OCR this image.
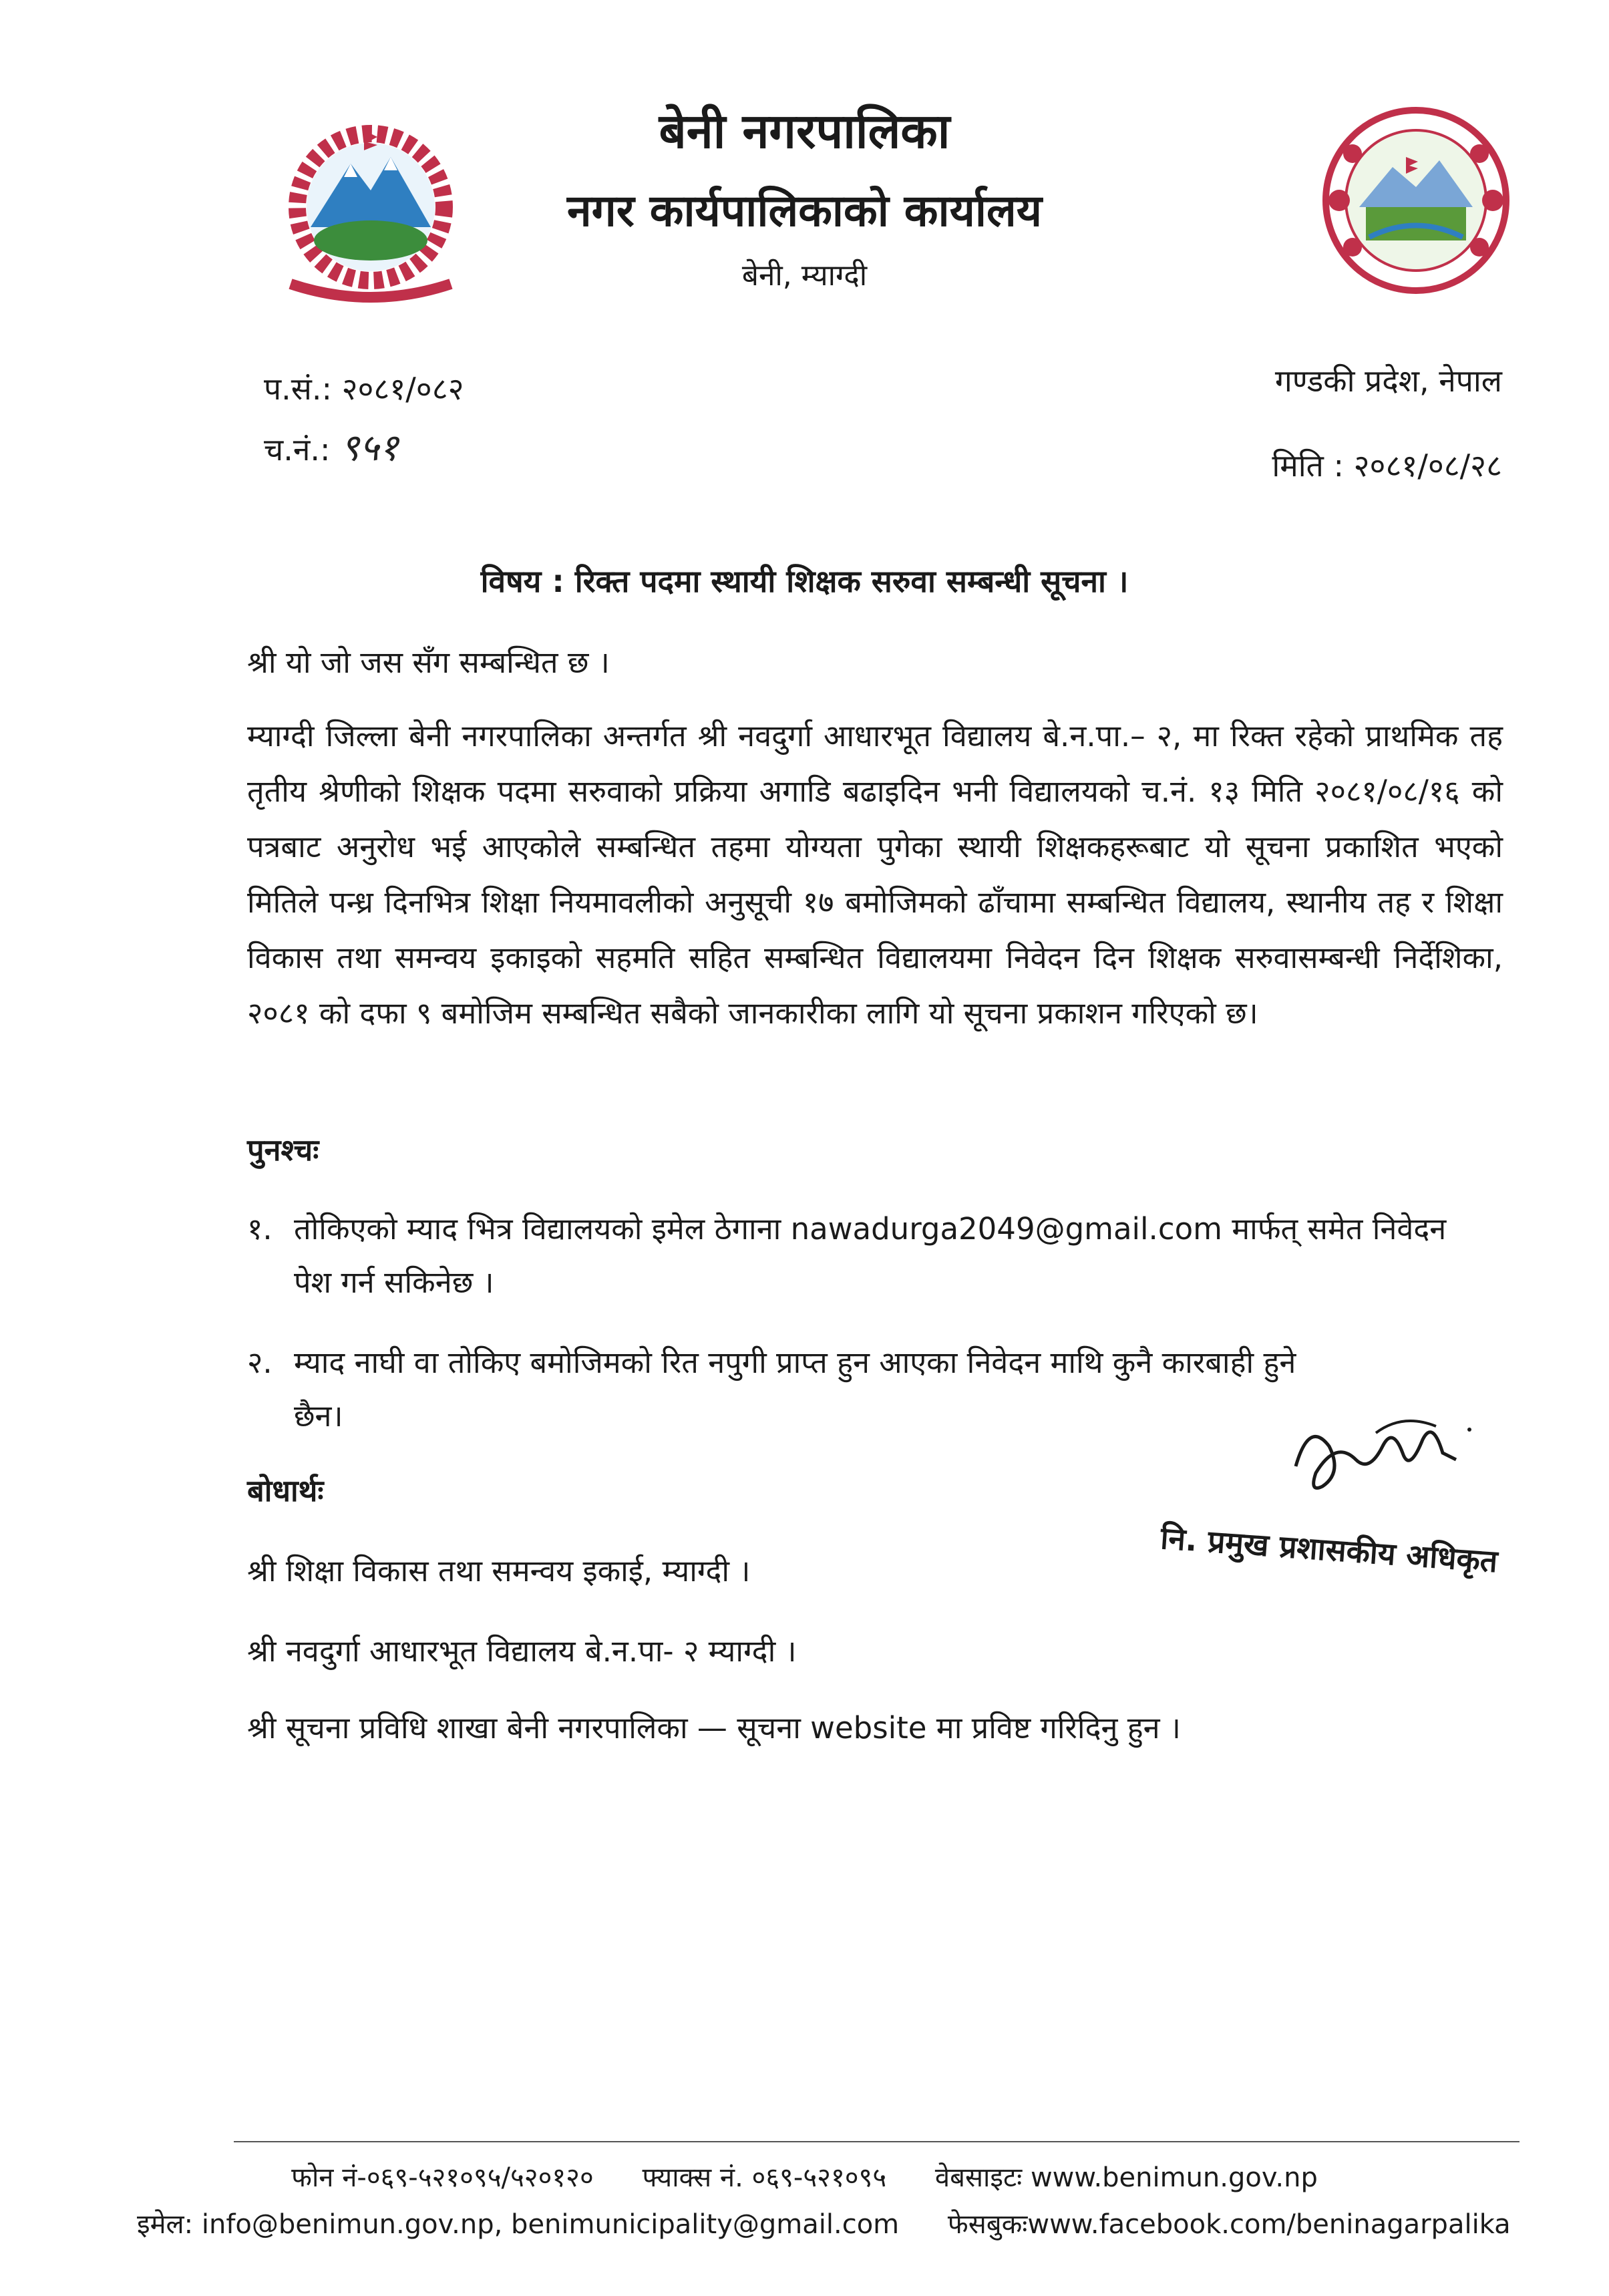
बेनी नगरपालिका
नगर कार्यपालिकाको कार्यालय
बेनी, म्याग्दी
प.सं.: २०८१/०८२
च.नं.: ९५१
गण्डकी प्रदेश, नेपाल
मिति : २०८१/०८/२८
विषय : रिक्त पदमा स्थायी शिक्षक सरुवा सम्बन्धी सूचना ।
श्री यो जो जस सँग सम्बन्धित छ ।
म्याग्दी जिल्ला बेनी नगरपालिका अन्तर्गत श्री नवदुर्गा आधारभूत विद्यालय बे.न.पा.– २, मा रिक्त रहेको प्राथमिक तह तृतीय श्रेणीको शिक्षक पदमा सरुवाको प्रक्रिया अगाडि बढाइदिन भनी विद्यालयको च.नं. १३ मिति २०८१/०८/१६ को पत्रबाट अनुरोध भई आएकोले सम्बन्धित तहमा योग्यता पुगेका स्थायी शिक्षकहरूबाट यो सूचना प्रकाशित भएको मितिले पन्ध्र दिनभित्र शिक्षा नियमावलीको अनुसूची १७ बमोजिमको ढाँचामा सम्बन्धित विद्यालय, स्थानीय तह र शिक्षा विकास तथा समन्वय इकाइको सहमति सहित सम्बन्धित विद्यालयमा निवेदन दिन शिक्षक सरुवासम्बन्धी निर्देशिका, २०८१ को दफा ९ बमोजिम सम्बन्धित सबैको जानकारीका लागि यो सूचना प्रकाशन गरिएको छ।
पुनश्चः
१. तोकिएको म्याद भित्र विद्यालयको इमेल ठेगाना nawadurga2049@gmail.com मार्फत् समेत निवेदन
पेश गर्न सकिनेछ ।
२. म्याद नाघी वा तोकिए बमोजिमको रित नपुगी प्राप्त हुन आएका निवेदन माथि कुनै कारबाही हुने
छैन।
नि. प्रमुख प्रशासकीय अधिकृत
बोधार्थः
श्री शिक्षा विकास तथा समन्वय इकाई, म्याग्दी ।
श्री नवदुर्गा आधारभूत विद्यालय बे.न.पा- २ म्याग्दी ।
श्री सूचना प्रविधि शाखा बेनी नगरपालिका — सूचना website मा प्रविष्ट गरिदिनु हुन ।
फोन नं-०६९-५२१०९५/५२०१२० फ्याक्स नं. ०६९-५२१०९५ वेबसाइटः www.benimun.gov.np
इमेल: info@benimun.gov.np, benimunicipality@gmail.com फेसबुकःwww.facebook.com/beninagarpalika
